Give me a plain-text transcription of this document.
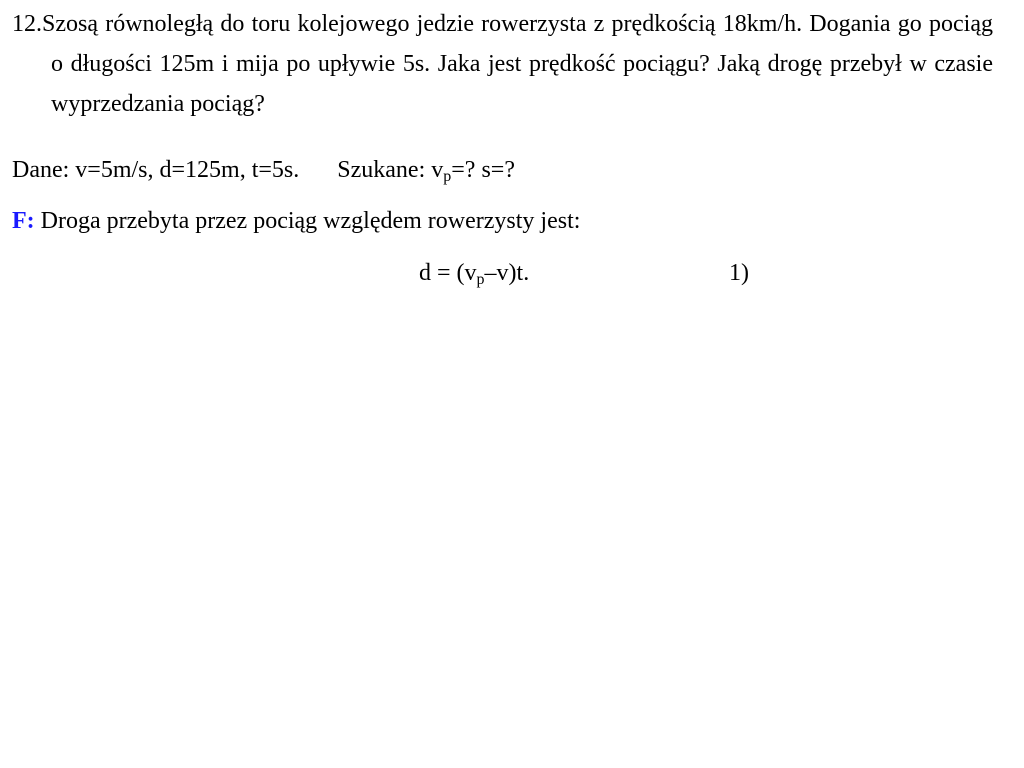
12.Szosą równoległą do toru kolejowego jedzie rowerzysta z prędkością 18km/h. Dogania go pociąg o długości 125m i mija po upływie 5s. Jaka jest prędkość pociągu? Jaką drogę przebył w czasie wyprzedzania pociąg?
Dane: v=5m/s, d=125m, t=5s. Szukane: $v_p=$? s=?
F: Droga przebyta przez pociąg względem rowerzysty jest:
$d = (v_p-v)t$.	1)
